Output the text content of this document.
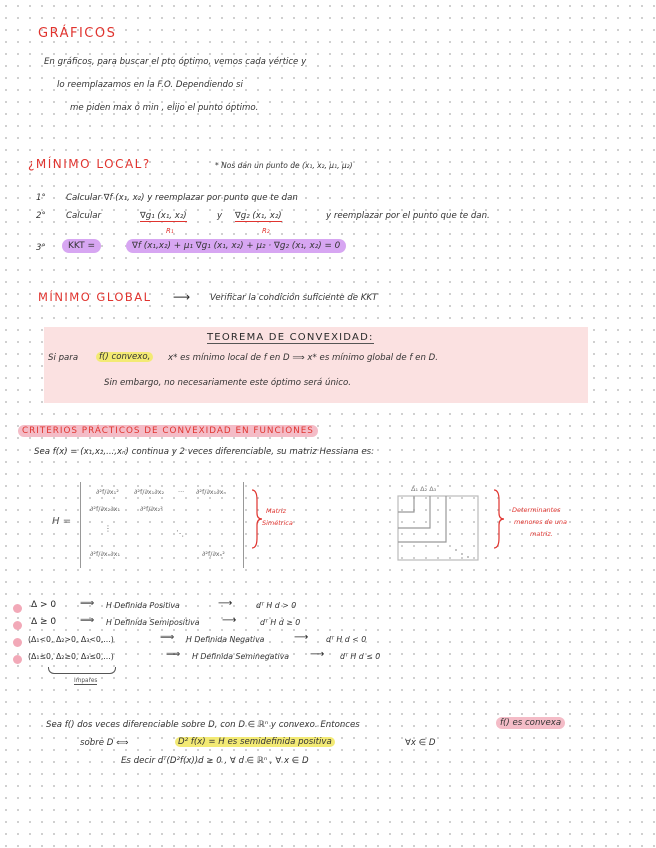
GRÁFICOS
En gráficos, para buscar el pto óptimo, vemos cada vértice y
lo reemplazamos en la F.O. Dependiendo si
me piden max ó min , elijo el punto óptimo.
¿MÍNIMO LOCAL?	* Nos dan un punto de (x₁, x₂, μ₁, μ₂)
1° Calcular ∇f (x₁, x₂) y reemplazar por punto que te dan
2° Calcular	∇g₁ (x₁, x₂)	y ∇g₂ (x₁, x₂)	y reemplazar por el punto que te dan.
R₁	R₂
3°	KKT =	∇f (x₁,x₂) + μ₁ ∇g₁ (x₁, x₂) + μ₂ · ∇g₂ (x₁, x₂) = 0
MÍNIMO GLOBAL ⟶ Verificar la condición suficiente de KKT
TEOREMA DE CONVEXIDAD:
Si para	f() convexo,	x* es mínimo local de f en D ⟹ x* es mínimo global de f en D.
Sin embargo, no necesariamente este óptimo será único.
CRITERIOS PRÁCTICOS DE CONVEXIDAD EN FUNCIONES
Sea f(x) = (x₁,x₂,...,xₙ) continua y 2 veces diferenciable, su matriz Hessiana es:
H =
∂²f/∂x₁² ∂²f/∂x₁∂x₂ ··· ∂²f/∂x₁∂xₙ
∂²f/∂x₂∂x₁	∂²f/∂x₂²
⋮
⋱
∂²f/∂xₙ∂x₁	∂²f/∂xₙ²
Matriz
Simétrica
Δ₁ Δ₂ Δ₃
Determinantes
menores de una
matriz.
Δ > 0 ⟹ H Definida Positiva	⟶	dᵀ H d > 0
Δ ≥ 0 ⟹ H Definida Semipositiva ⟶	dᵀ H d ≥ 0
(Δ₁<0, Δ₂>0, Δ₃<0,...)	⟹ H Definida Negativa	⟶ dᵀ H d < 0
(Δ₁≤0, Δ₂≥0, Δ₃≤0,...)	⟹ H Definida Seminegativa ⟶ dᵀ H d ≤ 0
Impares
Sea f() dos veces diferenciable sobre D, con D ∈ ℝⁿ y convexo. Entonces	f() es convexa
sobre D ⟺	D² f(x) = H es semidefinida positiva	∀x ∈ D
Es decir dᵀ(D²f(x))d ≥ 0 , ∀ d ∈ ℝⁿ , ∀ x ∈ D
